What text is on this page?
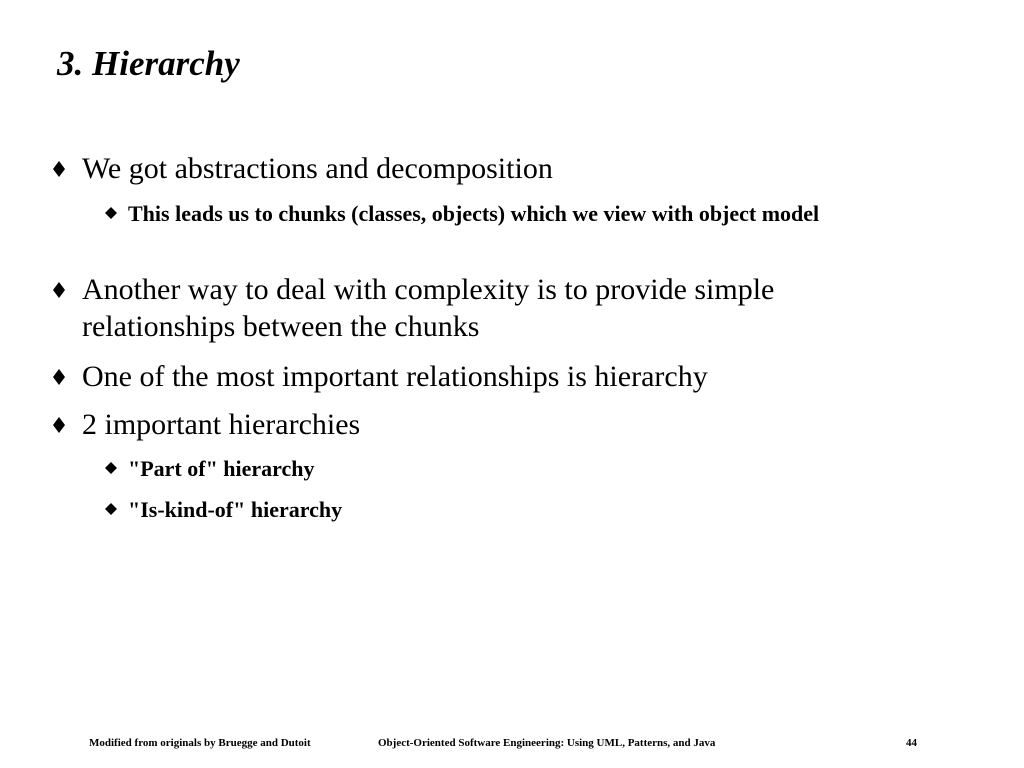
3. Hierarchy
We got abstractions and decomposition
This leads us to chunks (classes, objects) which we view with object model
Another way to deal with complexity is to provide simple relationships between the chunks
One of the most important relationships is hierarchy
2 important hierarchies
"Part of" hierarchy
"Is-kind-of" hierarchy
Modified from originals by Bruegge and Dutoit	Object-Oriented Software Engineering: Using UML, Patterns, and Java	44
